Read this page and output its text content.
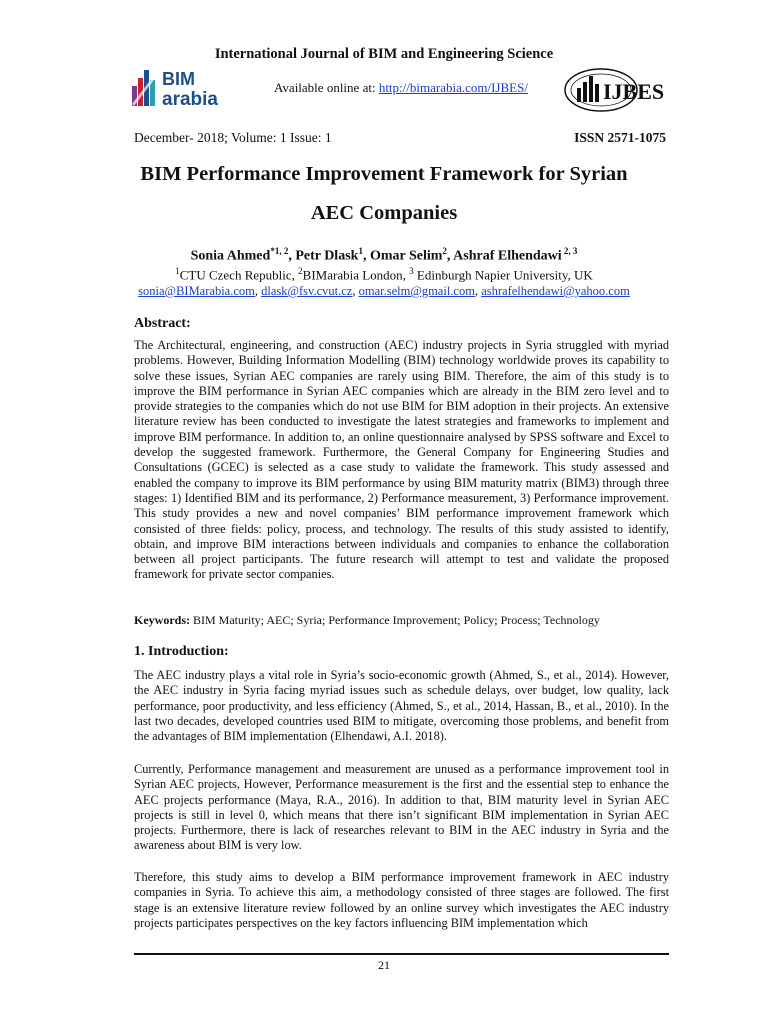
International Journal of BIM and Engineering Science
BIM
arabia
Available online at: http://bimarabia.com/IJBES/	IJBES
December- 2018; Volume: 1 Issue: 1	ISSN 2571-1075
BIM Performance Improvement Framework for Syrian
AEC Companies
Sonia Ahmed$^{*1, 2}$, Petr Dlask$^1$, Omar Selim$^2$, Ashraf Elhendawi $^{2, 3}$
$^1$CTU Czech Republic, $^2$BIMarabia London, $^3$ Edinburgh Napier University, UK
sonia@BIMarabia.com, dlask@fsv.cvut.cz, omar.selm@gmail.com, ashrafelhendawi@yahoo.com
Abstract:
The Architectural, engineering, and construction (AEC) industry projects in Syria struggled with myriad problems. However, Building Information Modelling (BIM) technology worldwide proves its capability to solve these issues, Syrian AEC companies are rarely using BIM. Therefore, the aim of this study is to improve the BIM performance in Syrian AEC companies which are already in the BIM zero level and to provide strategies to the companies which do not use BIM for BIM adoption in their projects. An extensive literature review has been conducted to investigate the latest strategies and frameworks to implement and improve BIM performance. In addition to, an online questionnaire analysed by SPSS software and Excel to develop the suggested framework. Furthermore, the General Company for Engineering Studies and Consultations (GCEC) is selected as a case study to validate the framework. This study assessed and enabled the company to improve its BIM performance by using BIM maturity matrix (BIM3) through three stages: 1) Identified BIM and its performance, 2) Performance measurement, 3) Performance improvement. This study provides a new and novel companies’ BIM performance improvement framework which consisted of three fields: policy, process, and technology. The results of this study assisted to identify, obtain, and improve BIM interactions between individuals and companies to enhance the collaboration between all project participants. The future research will attempt to test and validate the proposed framework for private sector companies.
Keywords: BIM Maturity; AEC; Syria; Performance Improvement; Policy; Process; Technology
1. Introduction:
The AEC industry plays a vital role in Syria’s socio-economic growth (Ahmed, S., et al., 2014). However, the AEC industry in Syria facing myriad issues such as schedule delays, over budget, low quality, lack performance, poor productivity, and less efficiency (Ahmed, S., et al., 2014, Hassan, B., et al., 2010). In the last two decades, developed countries used BIM to mitigate, overcoming those problems, and benefit from the advantages of BIM implementation (Elhendawi, A.I. 2018).
Currently, Performance management and measurement are unused as a performance improvement tool in Syrian AEC projects, However, Performance measurement is the first and the essential step to enhance the AEC projects performance (Maya, R.A., 2016). In addition to that, BIM maturity level in Syrian AEC projects is still in level 0, which means that there isn’t significant BIM implementation in Syrian AEC projects. Furthermore, there is lack of researches relevant to BIM in the AEC industry in Syria and the awareness about BIM is very low.
Therefore, this study aims to develop a BIM performance improvement framework in AEC industry companies in Syria. To achieve this aim, a methodology consisted of three stages are followed. The first stage is an extensive literature review followed by an online survey which investigates the AEC industry projects participates perspectives on the key factors influencing BIM implementation which
21
